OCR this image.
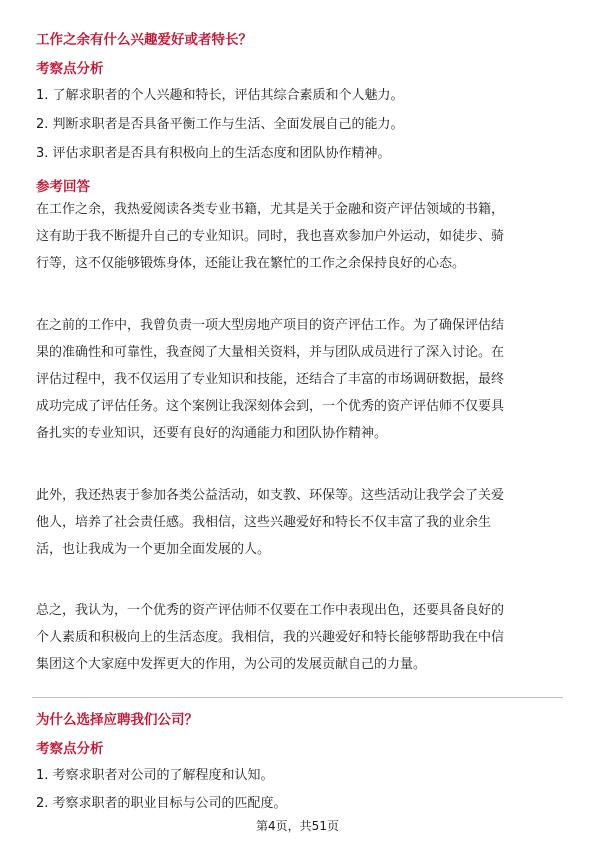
工作之余有什么兴趣爱好或者特长？
考察点分析
1. 了解求职者的个人兴趣和特长，评估其综合素质和个人魅力。
2. 判断求职者是否具备平衡工作与生活、全面发展自己的能力。
3. 评估求职者是否具有积极向上的生活态度和团队协作精神。
参考回答
在工作之余，我热爱阅读各类专业书籍，尤其是关于金融和资产评估领域的书籍，
这有助于我不断提升自己的专业知识。同时，我也喜欢参加户外运动，如徒步、骑
行等，这不仅能够锻炼身体，还能让我在繁忙的工作之余保持良好的心态。
在之前的工作中，我曾负责一项大型房地产项目的资产评估工作。为了确保评估结
果的准确性和可靠性，我查阅了大量相关资料，并与团队成员进行了深入讨论。在
评估过程中，我不仅运用了专业知识和技能，还结合了丰富的市场调研数据，最终
成功完成了评估任务。这个案例让我深刻体会到，一个优秀的资产评估师不仅要具
备扎实的专业知识，还要有良好的沟通能力和团队协作精神。
此外，我还热衷于参加各类公益活动，如支教、环保等。这些活动让我学会了关爱
他人，培养了社会责任感。我相信，这些兴趣爱好和特长不仅丰富了我的业余生
活，也让我成为一个更加全面发展的人。
总之，我认为，一个优秀的资产评估师不仅要在工作中表现出色，还要具备良好的
个人素质和积极向上的生活态度。我相信，我的兴趣爱好和特长能够帮助我在中信
集团这个大家庭中发挥更大的作用，为公司的发展贡献自己的力量。
为什么选择应聘我们公司？
考察点分析
1. 考察求职者对公司的了解程度和认知。
2. 考察求职者的职业目标与公司的匹配度。
第4页，共51页
